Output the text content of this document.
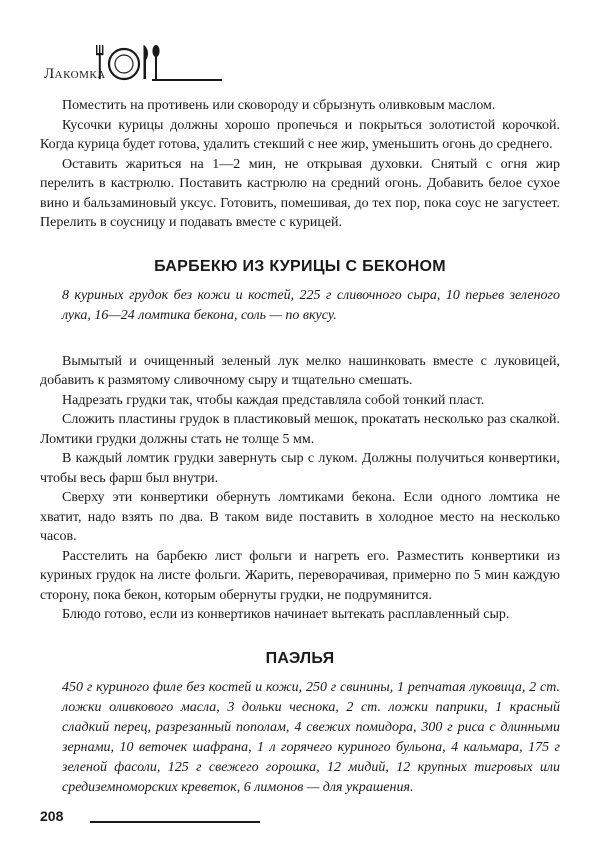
Лакомка

Поместить на противень или сковороду и сбрызнуть оливковым маслом.

Кусочки курицы должны хорошо пропечься и покрыться золотистой корочкой. Когда курица будет готова, удалить стекший с нее жир, уменьшить огонь до среднего.

Оставить жариться на 1—2 мин, не открывая духовки. Снятый с огня жир перелить в кастрюлю. Поставить кастрюлю на средний огонь. Добавить белое сухое вино и бальзаминовый уксус. Готовить, помешивая, до тех пор, пока соус не загустеет. Перелить в соусницу и подавать вместе с курицей.

БАРБЕКЮ ИЗ КУРИЦЫ С БЕКОНОМ

8 куриных грудок без кожи и костей, 225 г сливочного сыра, 10 перьев зеленого лука, 16—24 ломтика бекона, соль — по вкусу.

Вымытый и очищенный зеленый лук мелко нашинковать вместе с луковицей, добавить к размятому сливочному сыру и тщательно смешать.

Надрезать грудки так, чтобы каждая представляла собой тонкий пласт.

Сложить пластины грудок в пластиковый мешок, прокатать несколько раз скалкой. Ломтики грудки должны стать не толще 5 мм.

В каждый ломтик грудки завернуть сыр с луком. Должны получиться конвертики, чтобы весь фарш был внутри.

Сверху эти конвертики обернуть ломтиками бекона. Если одного ломтика не хватит, надо взять по два. В таком виде поставить в холодное место на несколько часов.

Расстелить на барбекю лист фольги и нагреть его. Разместить конвертики из куриных грудок на листе фольги. Жарить, переворачивая, примерно по 5 мин каждую сторону, пока бекон, которым обернуты грудки, не подрумянится.

Блюдо готово, если из конвертиков начинает вытекать расплавленный сыр.

ПАЭЛЬЯ

450 г куриного филе без костей и кожи, 250 г свинины, 1 репчатая луковица, 2 ст. ложки оливкового масла, 3 дольки чеснока, 2 ст. ложки паприки, 1 красный сладкий перец, разрезанный пополам, 4 свежих помидора, 300 г риса с длинными зернами, 10 веточек шафрана, 1 л горячего куриного бульона, 4 кальмара, 175 г зеленой фасоли, 125 г свежего горошка, 12 мидий, 12 крупных тигровых или средиземноморских креветок, 6 лимонов — для украшения.

208
